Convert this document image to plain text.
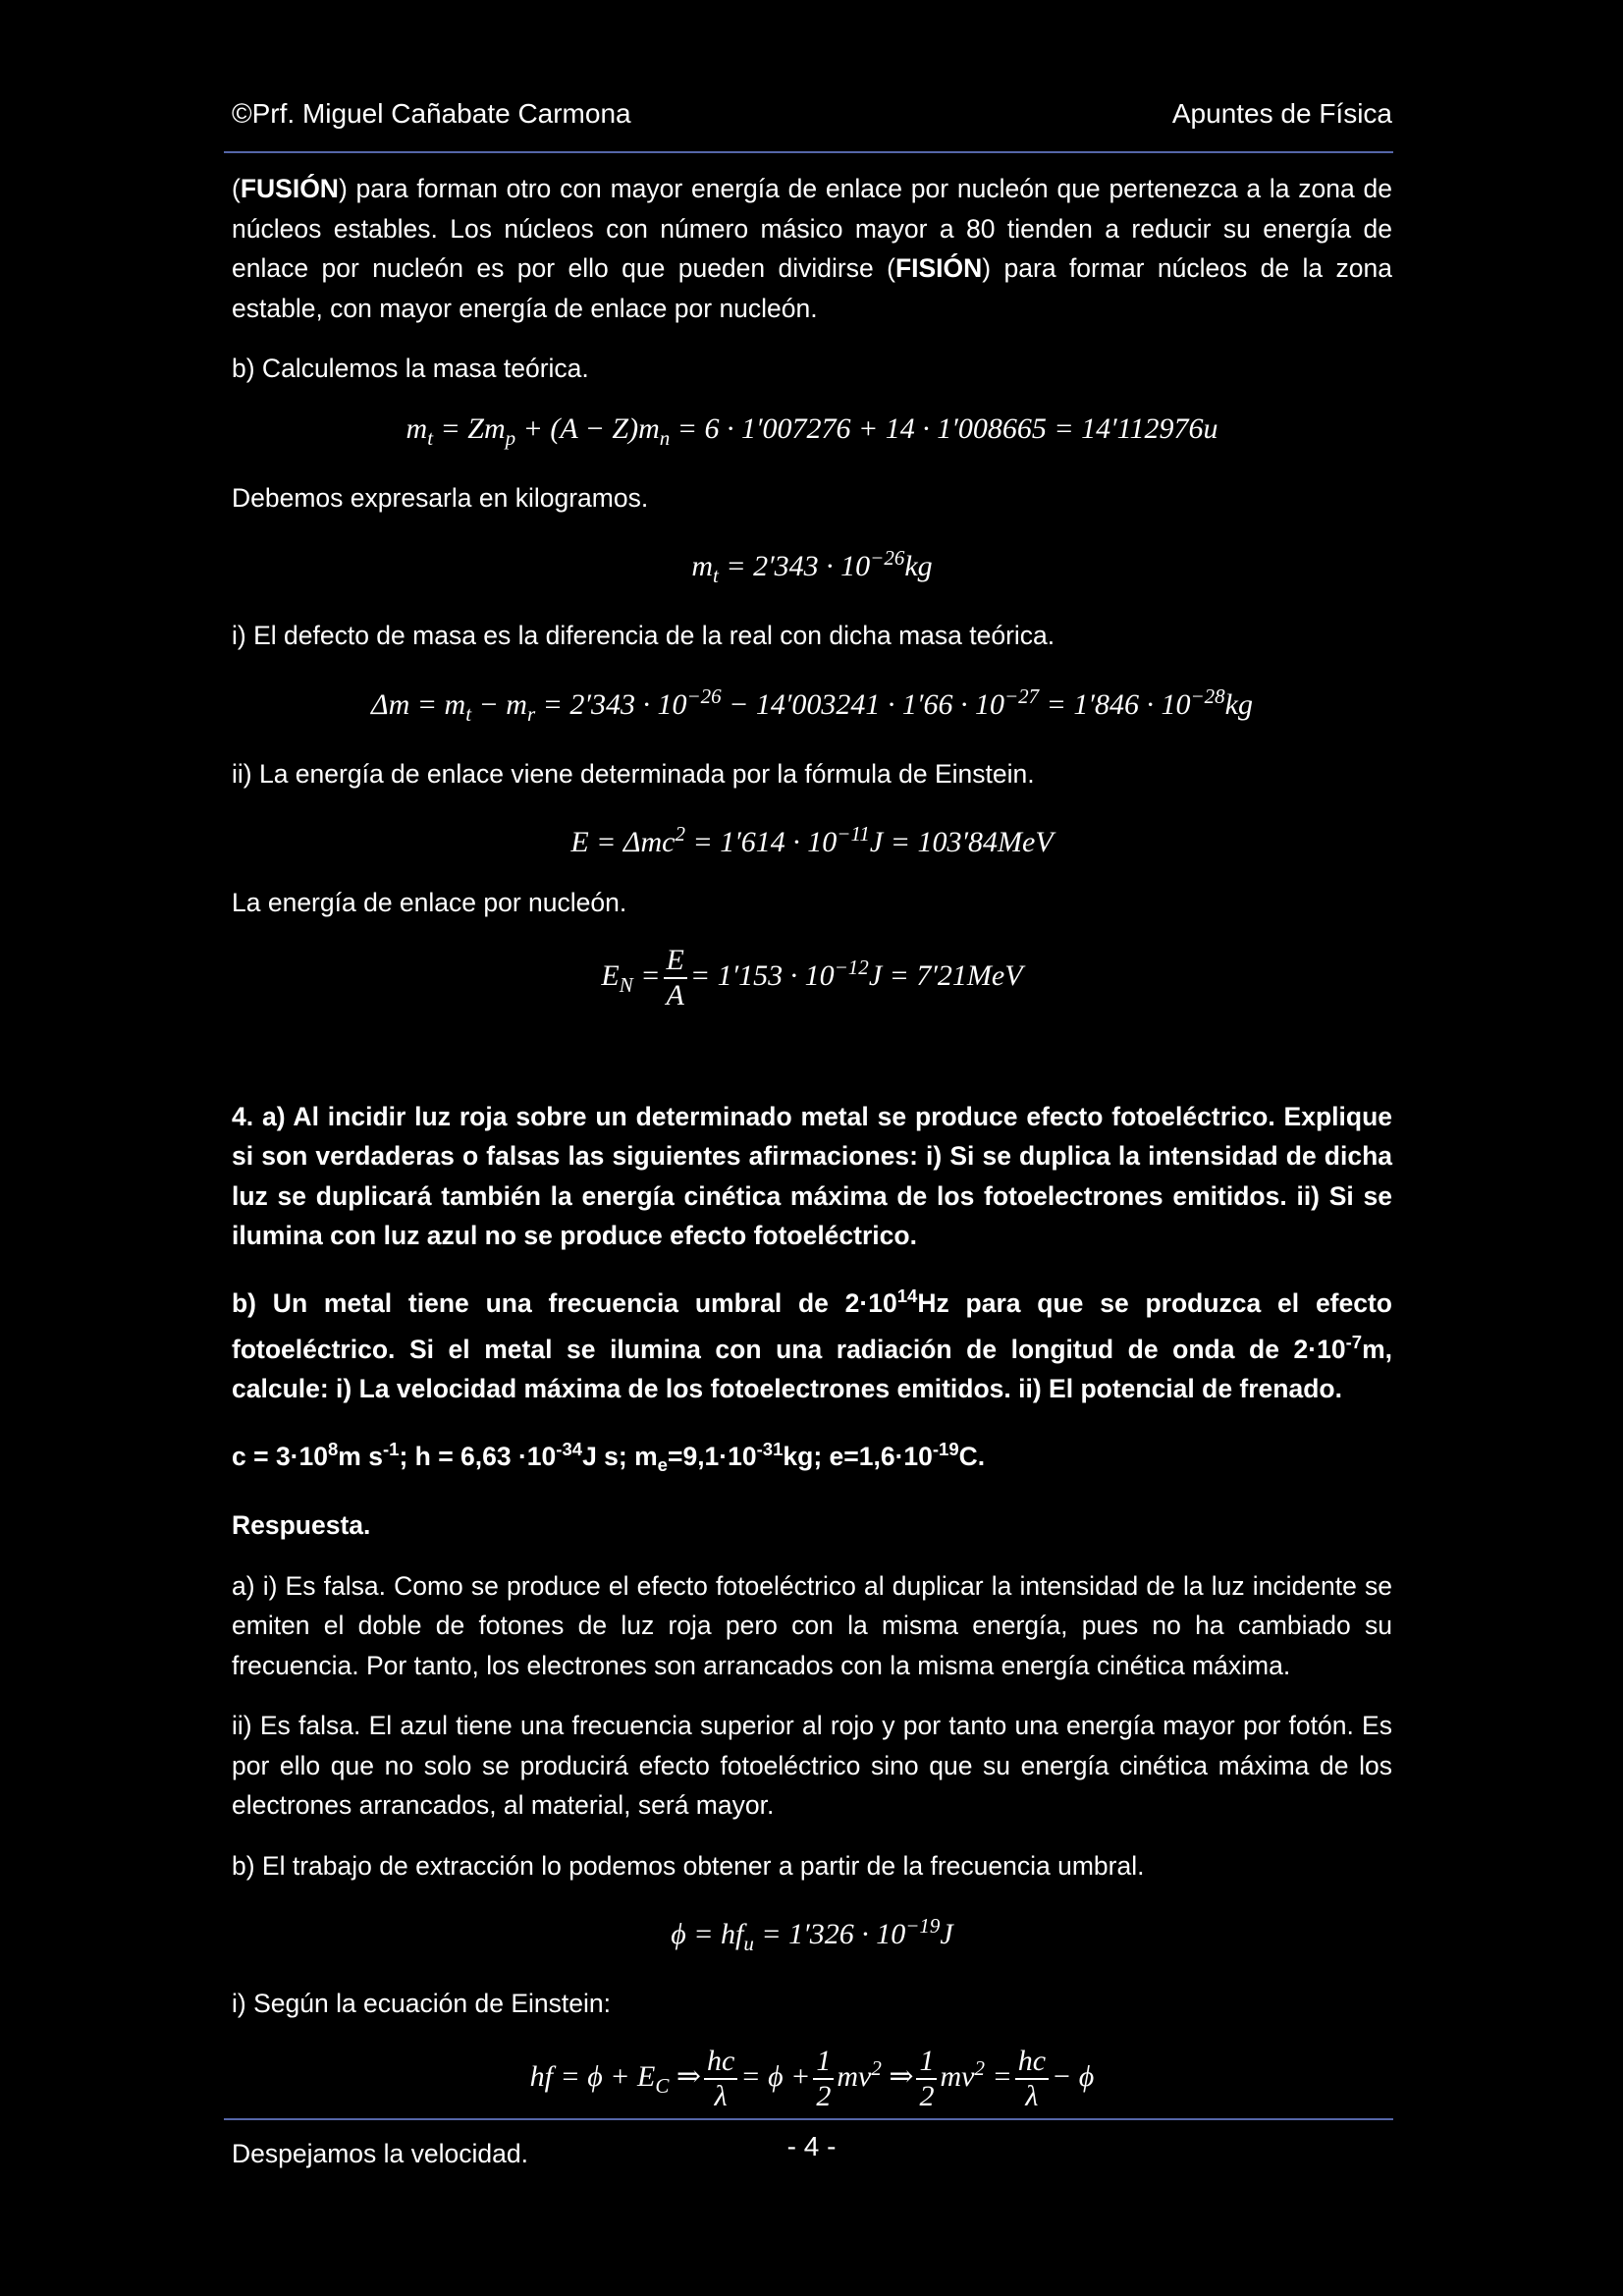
©Prf. Miguel Cañabate Carmona	Apuntes de Física

(FUSIÓN) para forman otro con mayor energía de enlace por nucleón que pertenezca a la zona de núcleos estables. Los núcleos con número másico mayor a 80 tienden a reducir su energía de enlace por nucleón es por ello que pueden dividirse (FISIÓN) para formar núcleos de la zona estable, con mayor energía de enlace por nucleón.

b) Calculemos la masa teórica.

$m_t = Zm_p + (A - Z)m_n = 6 \cdot 1'007276 + 14 \cdot 1'008665 = 14'112976u$

Debemos expresarla en kilogramos.

$m_t = 2'343 \cdot 10^{-26}kg$

i) El defecto de masa es la diferencia de la real con dicha masa teórica.

$\Delta m = m_t - m_r = 2'343 \cdot 10^{-26} - 14'003241 \cdot 1'66 \cdot 10^{-27} = 1'846 \cdot 10^{-28}kg$

ii) La energía de enlace viene determinada por la fórmula de Einstein.

$E = \Delta mc^2 = 1'614 \cdot 10^{-11}J = 103'84MeV$

La energía de enlace por nucleón.

$E_N = \frac{E}{A} = 1'153 \cdot 10^{-12}J = 7'21MeV$

4. a) Al incidir luz roja sobre un determinado metal se produce efecto fotoeléctrico. Explique si son verdaderas o falsas las siguientes afirmaciones: i) Si se duplica la intensidad de dicha luz se duplicará también la energía cinética máxima de los fotoelectrones emitidos. ii) Si se ilumina con luz azul no se produce efecto fotoeléctrico.

b) Un metal tiene una frecuencia umbral de $2\cdot 10^{14}Hz$ para que se produzca el efecto fotoeléctrico. Si el metal se ilumina con una radiación de longitud de onda de $2\cdot 10^{-7}m$, calcule: i) La velocidad máxima de los fotoelectrones emitidos. ii) El potencial de frenado.

$c = 3\cdot 10^8m$ $s^{-1}$; $h = 6,63 \cdot 10^{-34}J$ s; $m_e=9,1\cdot 10^{-31}kg$; $e=1,6\cdot 10^{-19}C$.

Respuesta.

a) i) Es falsa. Como se produce el efecto fotoeléctrico al duplicar la intensidad de la luz incidente se emiten el doble de fotones de luz roja pero con la misma energía, pues no ha cambiado su frecuencia. Por tanto, los electrones son arrancados con la misma energía cinética máxima.

ii) Es falsa. El azul tiene una frecuencia superior al rojo y por tanto una energía mayor por fotón. Es por ello que no solo se producirá efecto fotoeléctrico sino que su energía cinética máxima de los electrones arrancados, al material, será mayor.

b) El trabajo de extracción lo podemos obtener a partir de la frecuencia umbral.

$\phi = hf_u = 1'326 \cdot 10^{-19}J$

i) Según la ecuación de Einstein:

hf = $\phi + E_C$ ⇒ $\frac{hc}{\lambda} = \phi + \frac{1}{2} mv^2$ ⇒ $\frac{1}{2} mv^2 = \frac{hc}{\lambda} - \phi$

Despejamos la velocidad.	- 4 -
